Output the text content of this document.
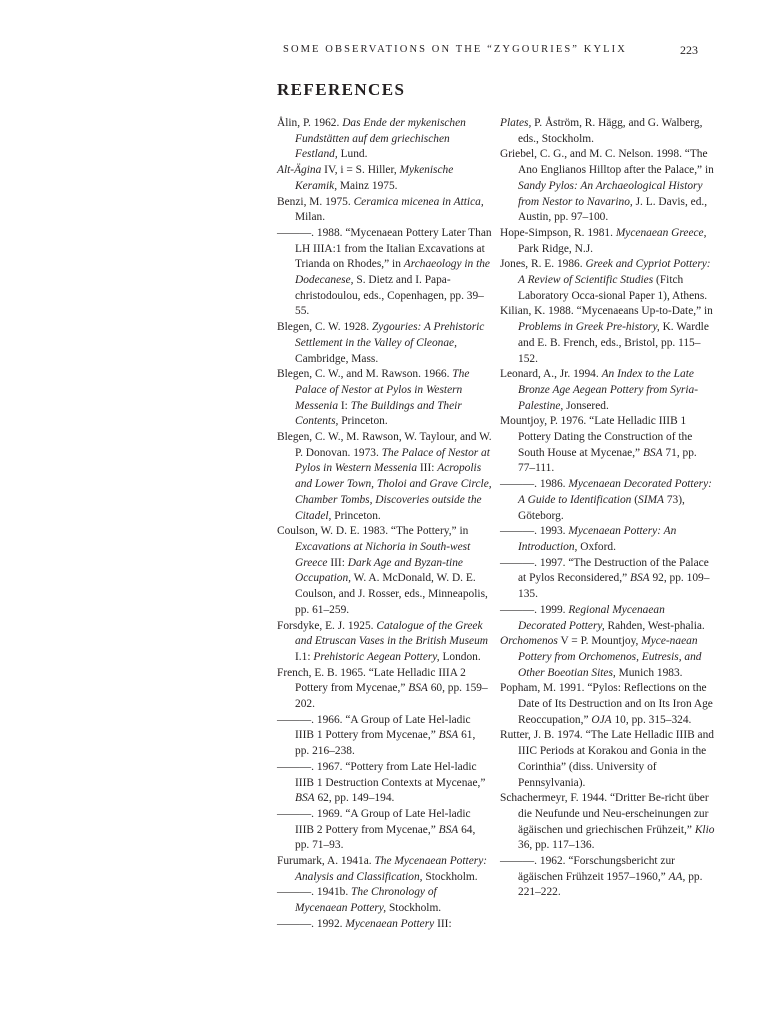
SOME OBSERVATIONS ON THE “ZYGOURIES” KYLIX	223
REFERENCES

Ålin, P. 1962. Das Ende der mykenischen Fundstätten auf dem griechischen Festland, Lund.

Alt-Ägina IV, i = S. Hiller, Mykenische Keramik, Mainz 1975.

Benzi, M. 1975. Ceramica micenea in Attica, Milan.

———. 1988. “Mycenaean Pottery Later Than LH IIIA:1 from the Italian Excavations at Trianda on Rhodes,” in Archaeology in the Dodecanese, S. Dietz and I. Papa-christodoulou, eds., Copenhagen, pp. 39–55.

Blegen, C. W. 1928. Zygouries: A Prehistoric Settlement in the Valley of Cleonae, Cambridge, Mass.

Blegen, C. W., and M. Rawson. 1966. The Palace of Nestor at Pylos in Western Messenia I: The Buildings and Their Contents, Princeton.

Blegen, C. W., M. Rawson, W. Taylour, and W. P. Donovan. 1973. The Palace of Nestor at Pylos in Western Messenia III: Acropolis and Lower Town, Tholoi and Grave Circle, Chamber Tombs, Discoveries outside the Citadel, Princeton.

Coulson, W. D. E. 1983. “The Pottery,” in Excavations at Nichoria in South-west Greece III: Dark Age and Byzan-tine Occupation, W. A. McDonald, W. D. E. Coulson, and J. Rosser, eds., Minneapolis, pp. 61–259.

Forsdyke, E. J. 1925. Catalogue of the Greek and Etruscan Vases in the British Museum I.1: Prehistoric Aegean Pottery, London.

French, E. B. 1965. “Late Helladic IIIA 2 Pottery from Mycenae,” BSA 60, pp. 159–202.

———. 1966. “A Group of Late Hel-ladic IIIB 1 Pottery from Mycenae,” BSA 61, pp. 216–238.

———. 1967. “Pottery from Late Hel-ladic IIIB 1 Destruction Contexts at Mycenae,” BSA 62, pp. 149–194.

———. 1969. “A Group of Late Hel-ladic IIIB 2 Pottery from Mycenae,” BSA 64, pp. 71–93.

Furumark, A. 1941a. The Mycenaean Pottery: Analysis and Classification, Stockholm.

———. 1941b. The Chronology of Mycenaean Pottery, Stockholm.

———. 1992. Mycenaean Pottery III:

Plates, P. Åström, R. Hägg, and G. Walberg, eds., Stockholm.

Griebel, C. G., and M. C. Nelson. 1998. “The Ano Englianos Hilltop after the Palace,” in Sandy Pylos: An Archaeological History from Nestor to Navarino, J. L. Davis, ed., Austin, pp. 97–100.

Hope-Simpson, R. 1981. Mycenaean Greece, Park Ridge, N.J.

Jones, R. E. 1986. Greek and Cypriot Pottery: A Review of Scientific Studies (Fitch Laboratory Occa-sional Paper 1), Athens.

Kilian, K. 1988. “Mycenaeans Up-to-Date,” in Problems in Greek Pre-history, K. Wardle and E. B. French, eds., Bristol, pp. 115–152.

Leonard, A., Jr. 1994. An Index to the Late Bronze Age Aegean Pottery from Syria-Palestine, Jonsered.

Mountjoy, P. 1976. “Late Helladic IIIB 1 Pottery Dating the Construction of the South House at Mycenae,” BSA 71, pp. 77–111.

———. 1986. Mycenaean Decorated Pottery: A Guide to Identification (SIMA 73), Göteborg.

———. 1993. Mycenaean Pottery: An Introduction, Oxford.

———. 1997. “The Destruction of the Palace at Pylos Reconsidered,” BSA 92, pp. 109–135.

———. 1999. Regional Mycenaean Decorated Pottery, Rahden, West-phalia.

Orchomenos V = P. Mountjoy, Myce-naean Pottery from Orchomenos, Eutresis, and Other Boeotian Sites, Munich 1983.

Popham, M. 1991. “Pylos: Reflections on the Date of Its Destruction and on Its Iron Age Reoccupation,” OJA 10, pp. 315–324.

Rutter, J. B. 1974. “The Late Helladic IIIB and IIIC Periods at Korakou and Gonia in the Corinthia” (diss. University of Pennsylvania).

Schachermeyr, F. 1944. “Dritter Be-richt über die Neufunde und Neu-erscheinungen zur ägäischen und griechischen Frühzeit,” Klio 36, pp. 117–136.

———. 1962. “Forschungsbericht zur ägäischen Frühzeit 1957–1960,” AA, pp. 221–222.
